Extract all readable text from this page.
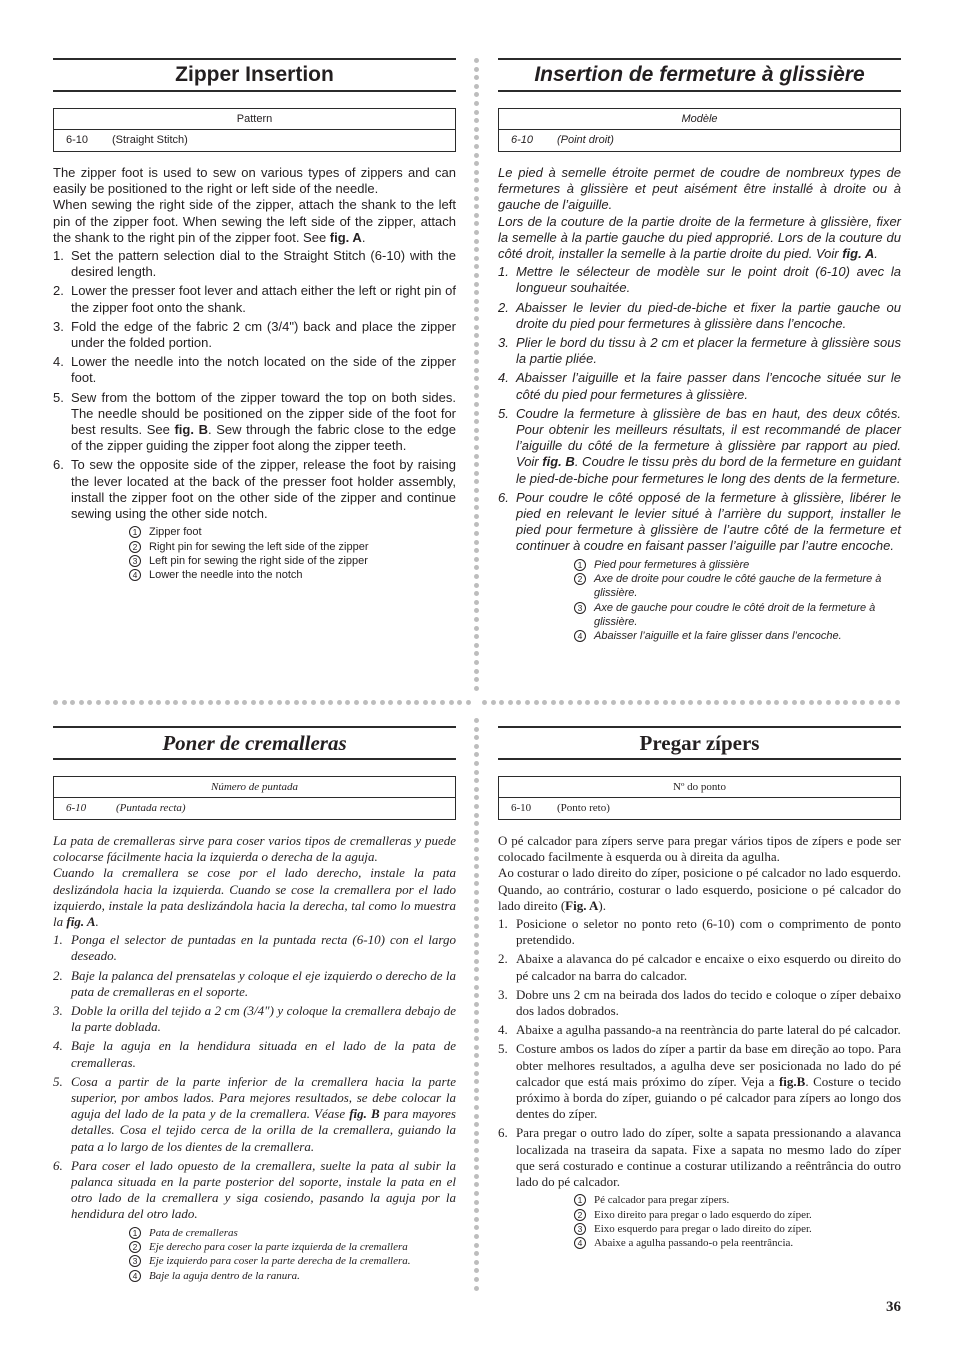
Zipper Insertion
Pattern
6-10 (Straight Stitch)

The zipper foot is used to sew on various types of zippers and can easily be positioned to the right or left side of the needle.

When sewing the right side of the zipper, attach the shank to the left pin of the zipper foot. When sewing the left side of the zipper, attach the shank to the right pin of the zipper foot. See fig. A.

1. Set the pattern selection dial to the Straight Stitch (6-10) with the desired length.
2. Lower the presser foot lever and attach either the left or right pin of the zipper foot onto the shank.
3. Fold the edge of the fabric 2 cm (3/4") back and place the zipper under the folded portion.
4. Lower the needle into the notch located on the side of the zipper foot.
5. Sew from the bottom of the zipper toward the top on both sides. The needle should be positioned on the zipper side of the foot for best results. See fig. B. Sew through the fabric close to the edge of the zipper guiding the zipper foot along the zipper teeth.
6. To sew the opposite side of the zipper, release the foot by raising the lever located at the back of the presser foot holder assembly, install the zipper foot on the other side of the zipper and continue sewing using the other side notch.
1	Zipper foot
2	Right pin for sewing the left side of the zipper
3	Left pin for sewing the right side of the zipper
4	Lower the needle into the notch
Insertion de fermeture à glissière
Modèle
6-10 (Point droit)

Le pied à semelle étroite permet de coudre de nombreux types de fermetures à glissière et peut aisément être installé à droite ou à gauche de l’aiguille.

Lors de la couture de la partie droite de la fermeture à glissière, fixer la semelle à la partie gauche du pied approprié. Lors de la couture du côté droit, installer la semelle à la partie droite du pied. Voir fig. A.

1. Mettre le sélecteur de modèle sur le point droit (6-10) avec la longueur souhaitée.
2. Abaisser le levier du pied-de-biche et fixer la partie gauche ou droite du pied pour fermetures à glissière dans l’encoche.
3. Plier le bord du tissu à 2 cm et placer la fermeture à glissière sous la partie pliée.
4. Abaisser l’aiguille et la faire passer dans l’encoche située sur le côté du pied pour fermetures à glissière.
5. Coudre la fermeture à glissière de bas en haut, des deux côtés. Pour obtenir les meilleurs résultats, il est recommandé de placer l’aiguille du côté de la fermeture à glissière par rapport au pied. Voir fig. B. Coudre le tissu près du bord de la fermeture en guidant le pied-de-biche pour fermetures le long des dents de la fermeture.
6. Pour coudre le côté opposé de la fermeture à glissière, libérer le pied en relevant le levier situé à l’arrière du support, installer le pied pour fermeture à glissière de l’autre côté de la fermeture et continuer à coudre en faisant passer l’aiguille par l’autre encoche.
1	Pied pour fermetures à glissière
2	Axe de droite pour coudre le côté gauche de la fermeture à glissière.
3	Axe de gauche pour coudre le côté droit de la fermeture à glissière.
4	Abaisser l’aiguille et la faire glisser dans l’encoche.
Poner de cremalleras
Número de puntada
6-10	(Puntada recta)

La pata de cremalleras sirve para coser varios tipos de cremalleras y puede colocarse fácilmente hacia la izquierda o derecha de la aguja.

Cuando la cremallera se cose por el lado derecho, instale la pata deslizándola hacia la izquierda. Cuando se cose la cremallera por el lado izquierdo, instale la pata deslizándola hacia la derecha, tal como lo muestra la fig. A.

1. Ponga el selector de puntadas en la puntada recta (6-10) con el largo deseado.
2. Baje la palanca del prensatelas y coloque el eje izquierdo o derecho de la pata de cremalleras en el soporte.
3. Doble la orilla del tejido a 2 cm (3/4") y coloque la cremallera debajo de la parte doblada.
4. Baje la aguja en la hendidura situada en el lado de la pata de cremalleras.
5. Cosa a partir de la parte inferior de la cremallera hacia la parte superior, por ambos lados. Para mejores resultados, se debe colocar la aguja del lado de la pata y de la cremallera. Véase fig. B para mayores detalles. Cosa el tejido cerca de la orilla de la cremallera, guiando la pata a lo largo de los dientes de la cremallera.
6. Para coser el lado opuesto de la cremallera, suelte la pata al subir la palanca situada en la parte posterior del soporte, instale la pata en el otro lado de la cremallera y siga cosiendo, pasando la aguja por la hendidura del otro lado.
1	Pata de cremalleras
2	Eje derecho para coser la parte izquierda de la cremallera
3	Eje izquierdo para coser la parte derecha de la cremallera.
4	Baje la aguja dentro de la ranura.
Pregar zípers
Nº do ponto
6-10 (Ponto reto)

O pé calcador para zípers serve para pregar vários tipos de zípers e pode ser colocado facilmente à esquerda ou à direita da agulha.

Ao costurar o lado direito do zíper, posicione o pé calcador no lado esquerdo. Quando, ao contrário, costurar o lado esquerdo, posicione o pé calcador do lado direito (Fig. A).

1. Posicione o seletor no ponto reto (6-10) com o comprimento de ponto pretendido.
2. Abaixe a alavanca do pé calcador e encaixe o eixo esquerdo ou direito do pé calcador na barra do calcador.
3. Dobre uns 2 cm na beirada dos lados do tecido e coloque o zíper debaixo dos lados dobrados.
4. Abaixe a agulha passando-a na reentrància do parte lateral do pé calcador.
5. Costure ambos os lados do zíper a partir da base em direção ao topo. Para obter melhores resultados, a agulha deve ser posicionada no lado do pé calcador que está mais próximo do zíper. Veja a fig.B. Costure o tecido próximo à borda do zíper, guiando o pé calcador para zípers ao longo dos dentes do zíper.
6. Para pregar o outro lado do zíper, solte a sapata pressionando a alavanca localizada na traseira da sapata. Fixe a sapata no mesmo lado do zíper que será costurado e continue a costurar utilizando a reêntrância do outro lado do pé calcador.
1	Pé calcador para pregar zípers.
2	Eixo direito para pregar o lado esquerdo do zíper.
3	Eixo esquerdo para pregar o lado direito do zíper.
4	Abaixe a agulha passando-o pela reentrância.
36
